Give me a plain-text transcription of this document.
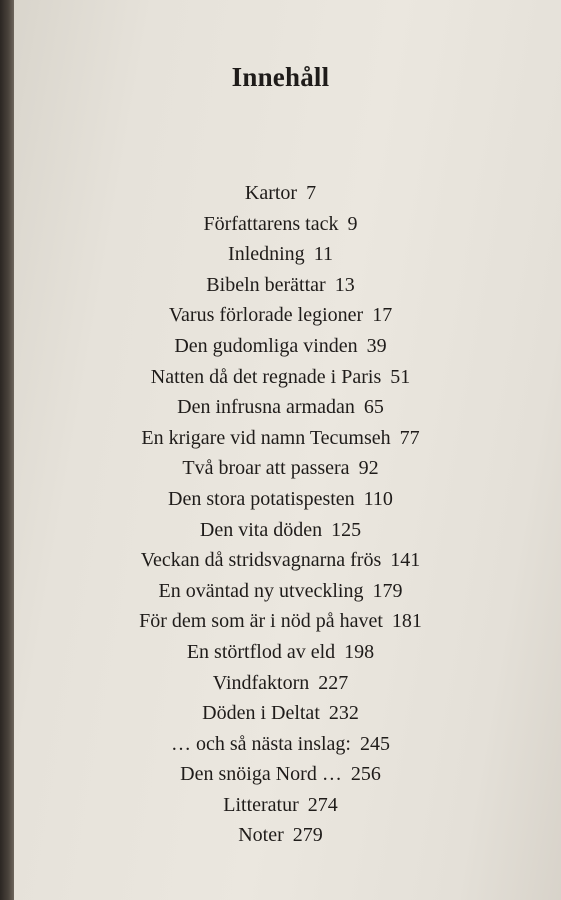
Innehåll
Kartor 7
Författarens tack 9
Inledning 11
Bibeln berättar 13
Varus förlorade legioner 17
Den gudomliga vinden 39
Natten då det regnade i Paris 51
Den infrusna armadan 65
En krigare vid namn Tecumseh 77
Två broar att passera 92
Den stora potatispesten 110
Den vita döden 125
Veckan då stridsvagnarna frös 141
En oväntad ny utveckling 179
För dem som är i nöd på havet 181
En störtflod av eld 198
Vindfaktorn 227
Döden i Deltat 232
… och så nästa inslag: 245
Den snöiga Nord … 256
Litteratur 274
Noter 279
